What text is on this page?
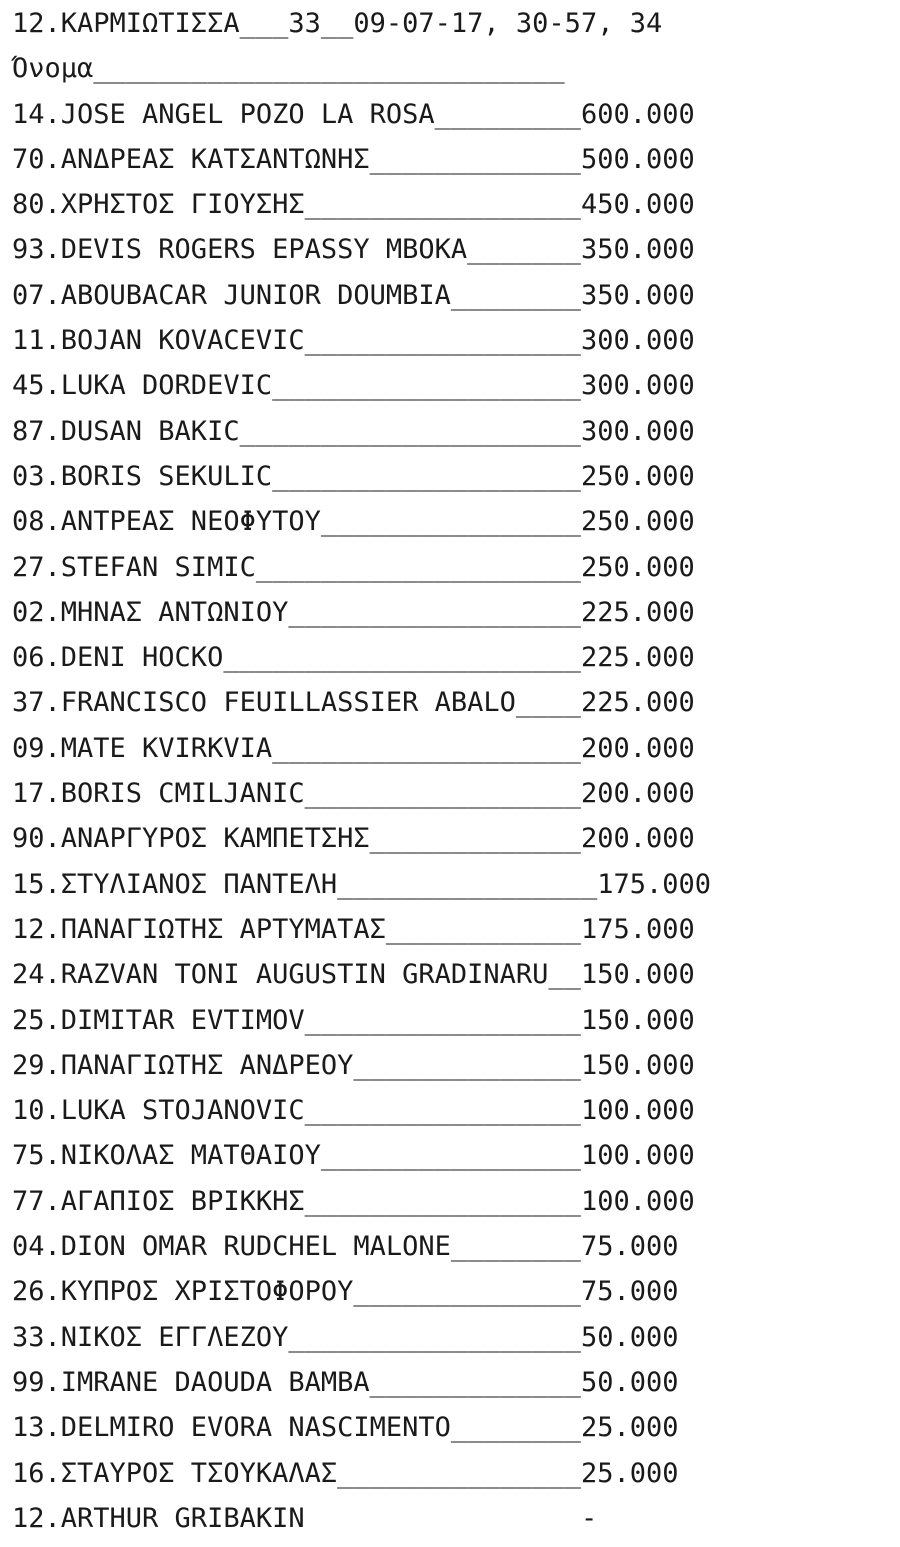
12.ΚΑΡΜΙΩΤΙΣΣΑ___33__09-07-17, 30-57, 34
Όνομα_____________________________
14.JOSE ANGEL POZO LA ROSA_________600.000
70.ΑΝΔΡΕΑΣ ΚΑΤΣΑΝΤΩΝΗΣ_____________500.000
80.ΧΡΗΣΤΟΣ ΓΙΟΥΣΗΣ_________________450.000
93.DEVIS ROGERS EPASSY MBOKA_______350.000
07.ABOUBACAR JUNIOR DOUMBIA________350.000
11.BOJAN KOVACEVIC_________________300.000
45.LUKA DORDEVIC___________________300.000
87.DUSAN BAKIC_____________________300.000
03.BORIS SEKULIC___________________250.000
08.ΑΝΤΡΕΑΣ ΝΕΟΦΥΤΟΥ________________250.000
27.STEFAN SIMIC____________________250.000
02.ΜΗΝΑΣ ΑΝΤΩΝΙΟΥ__________________225.000
06.DENI HOCKO______________________225.000
37.FRANCISCO FEUILLASSIER ABALO____225.000
09.MATE KVIRKVIA___________________200.000
17.BORIS CMILJANIC_________________200.000
90.ΑΝΑΡΓΥΡΟΣ ΚΑΜΠΕΤΣΗΣ_____________200.000
15.ΣΤΥΛΙΑΝΟΣ ΠΑΝΤΕΛΗ________________175.000
12.ΠΑΝΑΓΙΩΤΗΣ ΑΡΤΥΜΑΤΑΣ____________175.000
24.RAZVAN TONI AUGUSTIN GRADINARU__150.000
25.DIMITAR EVTIMOV_________________150.000
29.ΠΑΝΑΓΙΩΤΗΣ ΑΝΔΡΕΟΥ______________150.000
10.LUKA STOJANOVIC_________________100.000
75.ΝΙΚΟΛΑΣ ΜΑΤΘΑΙΟΥ________________100.000
77.ΑΓΑΠΙΟΣ ΒΡΙΚΚΗΣ_________________100.000
04.DION OMAR RUDCHEL MALONE________75.000
26.ΚΥΠΡΟΣ ΧΡΙΣΤΟΦΟΡΟΥ______________75.000
33.ΝΙΚΟΣ ΕΓΓΛΕΖΟΥ__________________50.000
99.IMRANE DAOUDA BAMBA_____________50.000
13.DELMIRO EVORA NASCIMENTO________25.000
16.ΣΤΑΥΡΟΣ ΤΣΟΥΚΑΛΑΣ_______________25.000
12.ARTHUR GRIBAKIN                 -
